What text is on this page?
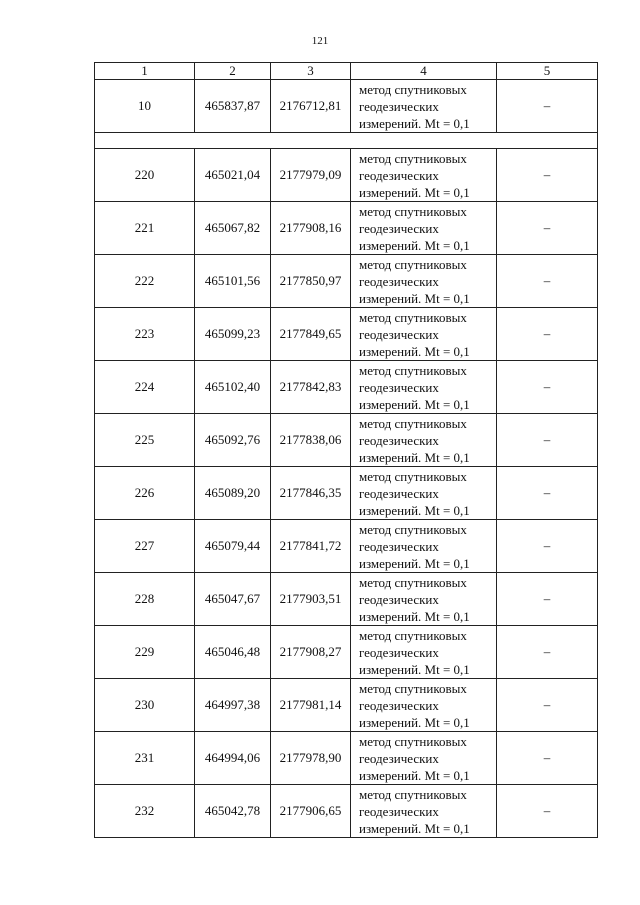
121
1	2	3	4	5
10	465837,87	2176712,81	метод спутниковых
геодезических
измерений. Mt = 0,1	–

220	465021,04	2177979,09	метод спутниковых
геодезических
измерений. Mt = 0,1	–
221	465067,82	2177908,16	метод спутниковых
геодезических
измерений. Mt = 0,1	–
222	465101,56	2177850,97	метод спутниковых
геодезических
измерений. Mt = 0,1	–
223	465099,23	2177849,65	метод спутниковых
геодезических
измерений. Mt = 0,1	–
224	465102,40	2177842,83	метод спутниковых
геодезических
измерений. Mt = 0,1	–
225	465092,76	2177838,06	метод спутниковых
геодезических
измерений. Mt = 0,1	–
226	465089,20	2177846,35	метод спутниковых
геодезических
измерений. Mt = 0,1	–
227	465079,44	2177841,72	метод спутниковых
геодезических
измерений. Mt = 0,1	–
228	465047,67	2177903,51	метод спутниковых
геодезических
измерений. Mt = 0,1	–
229	465046,48	2177908,27	метод спутниковых
геодезических
измерений. Mt = 0,1	–
230	464997,38	2177981,14	метод спутниковых
геодезических
измерений. Mt = 0,1	–
231	464994,06	2177978,90	метод спутниковых
геодезических
измерений. Mt = 0,1	–
232	465042,78	2177906,65	метод спутниковых
геодезических
измерений. Mt = 0,1	–
